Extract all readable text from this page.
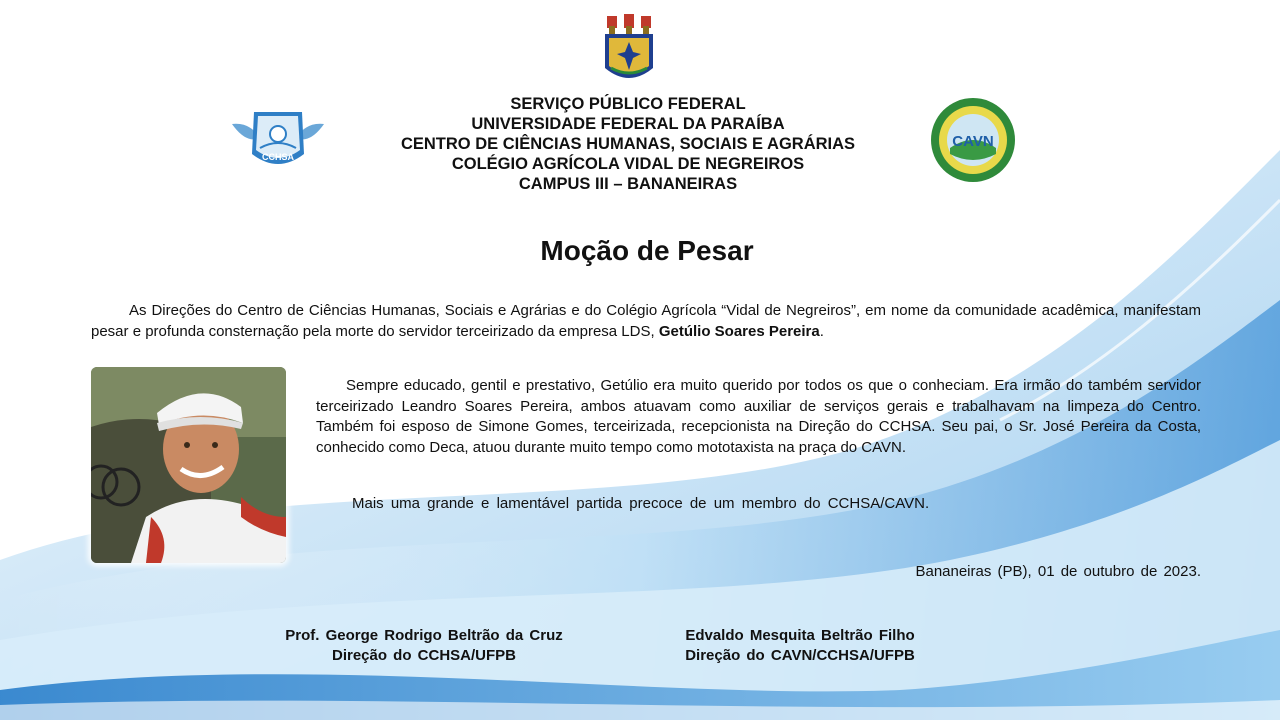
CCHSA
CAVN
SERVIÇO PÚBLICO FEDERAL
UNIVERSIDADE FEDERAL DA PARAÍBA
CENTRO DE CIÊNCIAS HUMANAS, SOCIAIS E AGRÁRIAS
COLÉGIO AGRÍCOLA VIDAL DE NEGREIROS
CAMPUS III – BANANEIRAS
Moção de Pesar

As Direções do Centro de Ciências Humanas, Sociais e Agrárias e do Colégio Agrícola “Vidal de Negreiros”, em nome da comunidade acadêmica, manifestam pesar e profunda consternação pela morte do servidor terceirizado da empresa LDS, Getúlio Soares Pereira.

Sempre educado, gentil e prestativo, Getúlio era muito querido por todos os que o conheciam. Era irmão do também servidor terceirizado Leandro Soares Pereira, ambos atuavam como auxiliar de serviços gerais e trabalhavam na limpeza do Centro. Também foi esposo de Simone Gomes, terceirizada, recepcionista na Direção do CCHSA. Seu pai, o Sr. José Pereira da Costa, conhecido como Deca, atuou durante muito tempo como mototaxista na praça do CAVN.

Mais uma grande e lamentável partida precoce de um membro do CCHSA/CAVN.

Bananeiras (PB), 01 de outubro de 2023.
Prof. George Rodrigo Beltrão da Cruz
Direção do CCHSA/UFPB
Edvaldo Mesquita Beltrão Filho
Direção do CAVN/CCHSA/UFPB
